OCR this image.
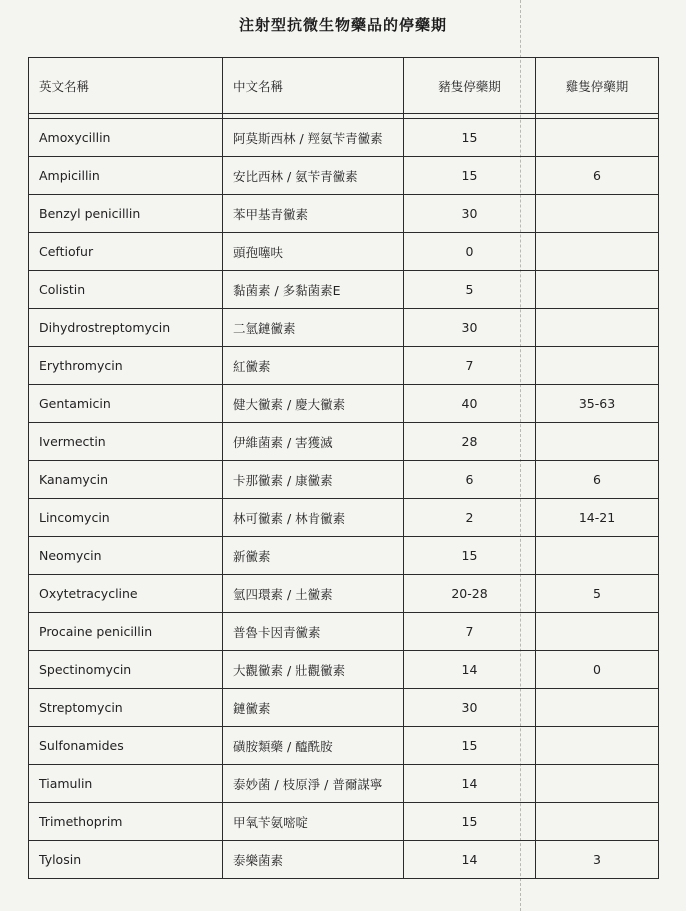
注射型抗微生物藥品的停藥期
英文名稱	中文名稱	豬隻停藥期	雞隻停藥期

Amoxycillin	阿莫斯西林 / 羥氨苄青黴素	15	
Ampicillin	安比西林 / 氨苄青黴素	15	6
Benzyl penicillin	苯甲基青黴素	30	
Ceftiofur	頭孢噻呋	0	
Colistin	黏菌素 / 多黏菌素E	5	
Dihydrostreptomycin	二氫鏈黴素	30	
Erythromycin	紅黴素	7	
Gentamicin	健大黴素 / 慶大黴素	40	35-63
Ivermectin	伊維菌素 / 害獲滅	28	
Kanamycin	卡那黴素 / 康黴素	6	6
Lincomycin	林可黴素 / 林肯黴素	2	14-21
Neomycin	新黴素	15	
Oxytetracycline	氫四環素 / 土黴素	20-28	5
Procaine penicillin	普魯卡因青黴素	7	
Spectinomycin	大觀黴素 / 壯觀黴素	14	0
Streptomycin	鏈黴素	30	
Sulfonamides	磺胺類藥 / 醯酰胺	15	
Tiamulin	泰妙菌 / 枝原淨 / 普爾謀寧	14	
Trimethoprim	甲氧苄氨嘧啶	15	
Tylosin	泰樂菌素	14	3
